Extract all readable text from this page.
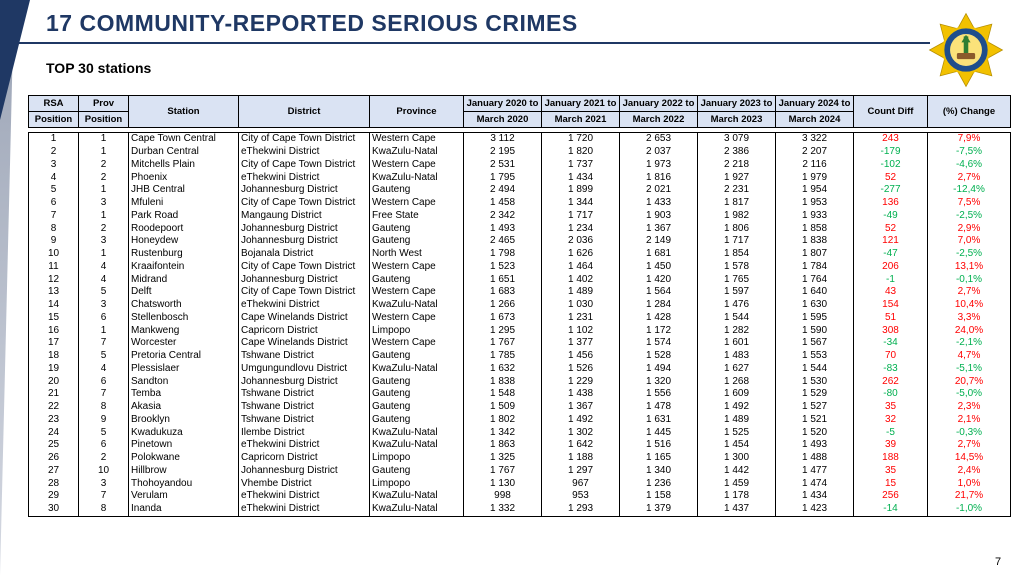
17 COMMUNITY-REPORTED SERIOUS CRIMES
TOP 30 stations
RSA	Prov	Station	District	Province	January 2020 to	January 2021 to	January 2022 to	January 2023 to	January 2024 to	Count Diff	(%) Change
Position	Position				March 2020	March 2021	March 2022	March 2023	March 2024		

1	1	Cape Town Central	City of Cape Town District	Western Cape	3 112	1 720	2 653	3 079	3 322	243	7,9%
2	1	Durban Central	eThekwini District	KwaZulu-Natal	2 195	1 820	2 037	2 386	2 207	-179	-7,5%
3	2	Mitchells Plain	City of Cape Town District	Western Cape	2 531	1 737	1 973	2 218	2 116	-102	-4,6%
4	2	Phoenix	eThekwini District	KwaZulu-Natal	1 795	1 434	1 816	1 927	1 979	52	2,7%
5	1	JHB Central	Johannesburg District	Gauteng	2 494	1 899	2 021	2 231	1 954	-277	-12,4%
6	3	Mfuleni	City of Cape Town District	Western Cape	1 458	1 344	1 433	1 817	1 953	136	7,5%
7	1	Park Road	Mangaung District	Free State	2 342	1 717	1 903	1 982	1 933	-49	-2,5%
8	2	Roodepoort	Johannesburg District	Gauteng	1 493	1 234	1 367	1 806	1 858	52	2,9%
9	3	Honeydew	Johannesburg District	Gauteng	2 465	2 036	2 149	1 717	1 838	121	7,0%
10	1	Rustenburg	Bojanala District	North West	1 798	1 626	1 681	1 854	1 807	-47	-2,5%
11	4	Kraaifontein	City of Cape Town District	Western Cape	1 523	1 464	1 450	1 578	1 784	206	13,1%
12	4	Midrand	Johannesburg District	Gauteng	1 651	1 402	1 420	1 765	1 764	-1	-0,1%
13	5	Delft	City of Cape Town District	Western Cape	1 683	1 489	1 564	1 597	1 640	43	2,7%
14	3	Chatsworth	eThekwini District	KwaZulu-Natal	1 266	1 030	1 284	1 476	1 630	154	10,4%
15	6	Stellenbosch	Cape Winelands District	Western Cape	1 673	1 231	1 428	1 544	1 595	51	3,3%
16	1	Mankweng	Capricorn District	Limpopo	1 295	1 102	1 172	1 282	1 590	308	24,0%
17	7	Worcester	Cape Winelands District	Western Cape	1 767	1 377	1 574	1 601	1 567	-34	-2,1%
18	5	Pretoria Central	Tshwane District	Gauteng	1 785	1 456	1 528	1 483	1 553	70	4,7%
19	4	Plessislaer	Umgungundlovu District	KwaZulu-Natal	1 632	1 526	1 494	1 627	1 544	-83	-5,1%
20	6	Sandton	Johannesburg District	Gauteng	1 838	1 229	1 320	1 268	1 530	262	20,7%
21	7	Temba	Tshwane District	Gauteng	1 548	1 438	1 556	1 609	1 529	-80	-5,0%
22	8	Akasia	Tshwane District	Gauteng	1 509	1 367	1 478	1 492	1 527	35	2,3%
23	9	Brooklyn	Tshwane District	Gauteng	1 802	1 492	1 631	1 489	1 521	32	2,1%
24	5	Kwadukuza	Ilembe District	KwaZulu-Natal	1 342	1 302	1 445	1 525	1 520	-5	-0,3%
25	6	Pinetown	eThekwini District	KwaZulu-Natal	1 863	1 642	1 516	1 454	1 493	39	2,7%
26	2	Polokwane	Capricorn District	Limpopo	1 325	1 188	1 165	1 300	1 488	188	14,5%
27	10	Hillbrow	Johannesburg District	Gauteng	1 767	1 297	1 340	1 442	1 477	35	2,4%
28	3	Thohoyandou	Vhembe District	Limpopo	1 130	967	1 236	1 459	1 474	15	1,0%
29	7	Verulam	eThekwini District	KwaZulu-Natal	998	953	1 158	1 178	1 434	256	21,7%
30	8	Inanda	eThekwini District	KwaZulu-Natal	1 332	1 293	1 379	1 437	1 423	-14	-1,0%
7
